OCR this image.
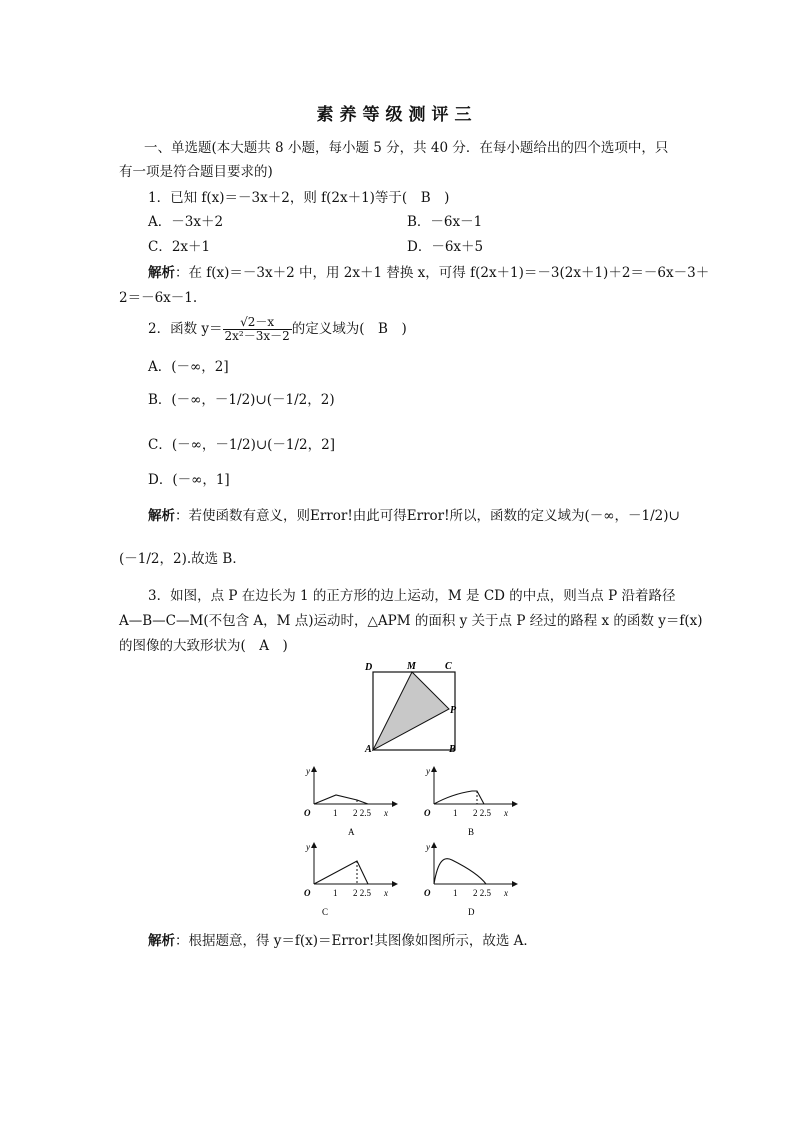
素养等级测评三
一、单选题(本大题共 8 小题，每小题 5 分，共 40 分．在每小题给出的四个选项中，只
有一项是符合题目要求的)
1．已知 f(x)＝－3x＋2，则 f(2x＋1)等于(　B　)
A．－3x＋2	B．－6x－1
C．2x＋1	D．－6x＋5
解析：在 f(x)＝－3x＋2 中，用 2x＋1 替换 x，可得 f(2x＋1)＝－3(2x＋1)＋2＝－6x－3＋
2＝－6x－1.
2．函数 $y= \frac{√2-x}{\text{2x²－3x－2}}$ 的定义域为(　B　)
A．(－∞，2]
B．(－∞，－1/2)∪(－1/2，2)
C．(－∞，－1/2)∪(－1/2，2]
D．(－∞，1]
解析：若使函数有意义，则Error!由此可得Error!所以，函数的定义域为(－∞，－1/2)∪
(－1/2，2).故选 B．
3．如图，点 P 在边长为 1 的正方形的边上运动，M 是 CD 的中点，则当点 P 沿着路径
A—B—C—M(不包含 A，M 点)运动时，△APM 的面积 y 关于点 P 经过的路程 x 的函数 y＝f(x)
的图像的大致形状为(　A　)
D	M	C
P
A	B
O
y
x
1 2 2.5
A
O
y
x
1 2 2.5
B
O
y
x
1 2 2.5
C
O
y
x
1 2 2.5
D
解析：根据题意，得 y＝f(x)＝Error!其图像如图所示，故选 A．
